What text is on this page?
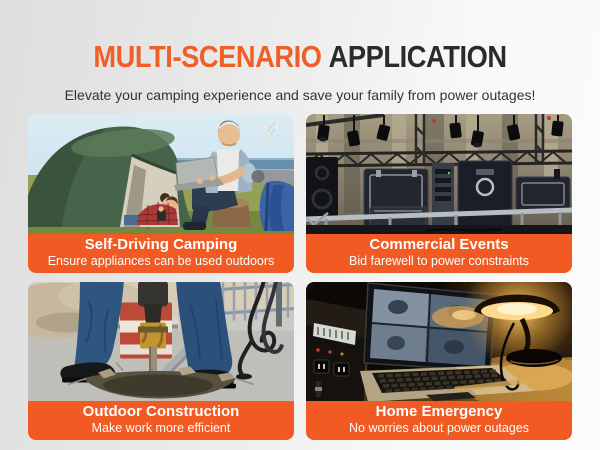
MULTI-SCENARIO APPLICATION

Elevate your camping experience and save your family from power outages!

Self-Driving Camping
Ensure appliances can be used outdoors
Commercial Events
Bid farewell to power constraints
Outdoor Construction
Make work more efficient
Home Emergency
No worries about power outages
